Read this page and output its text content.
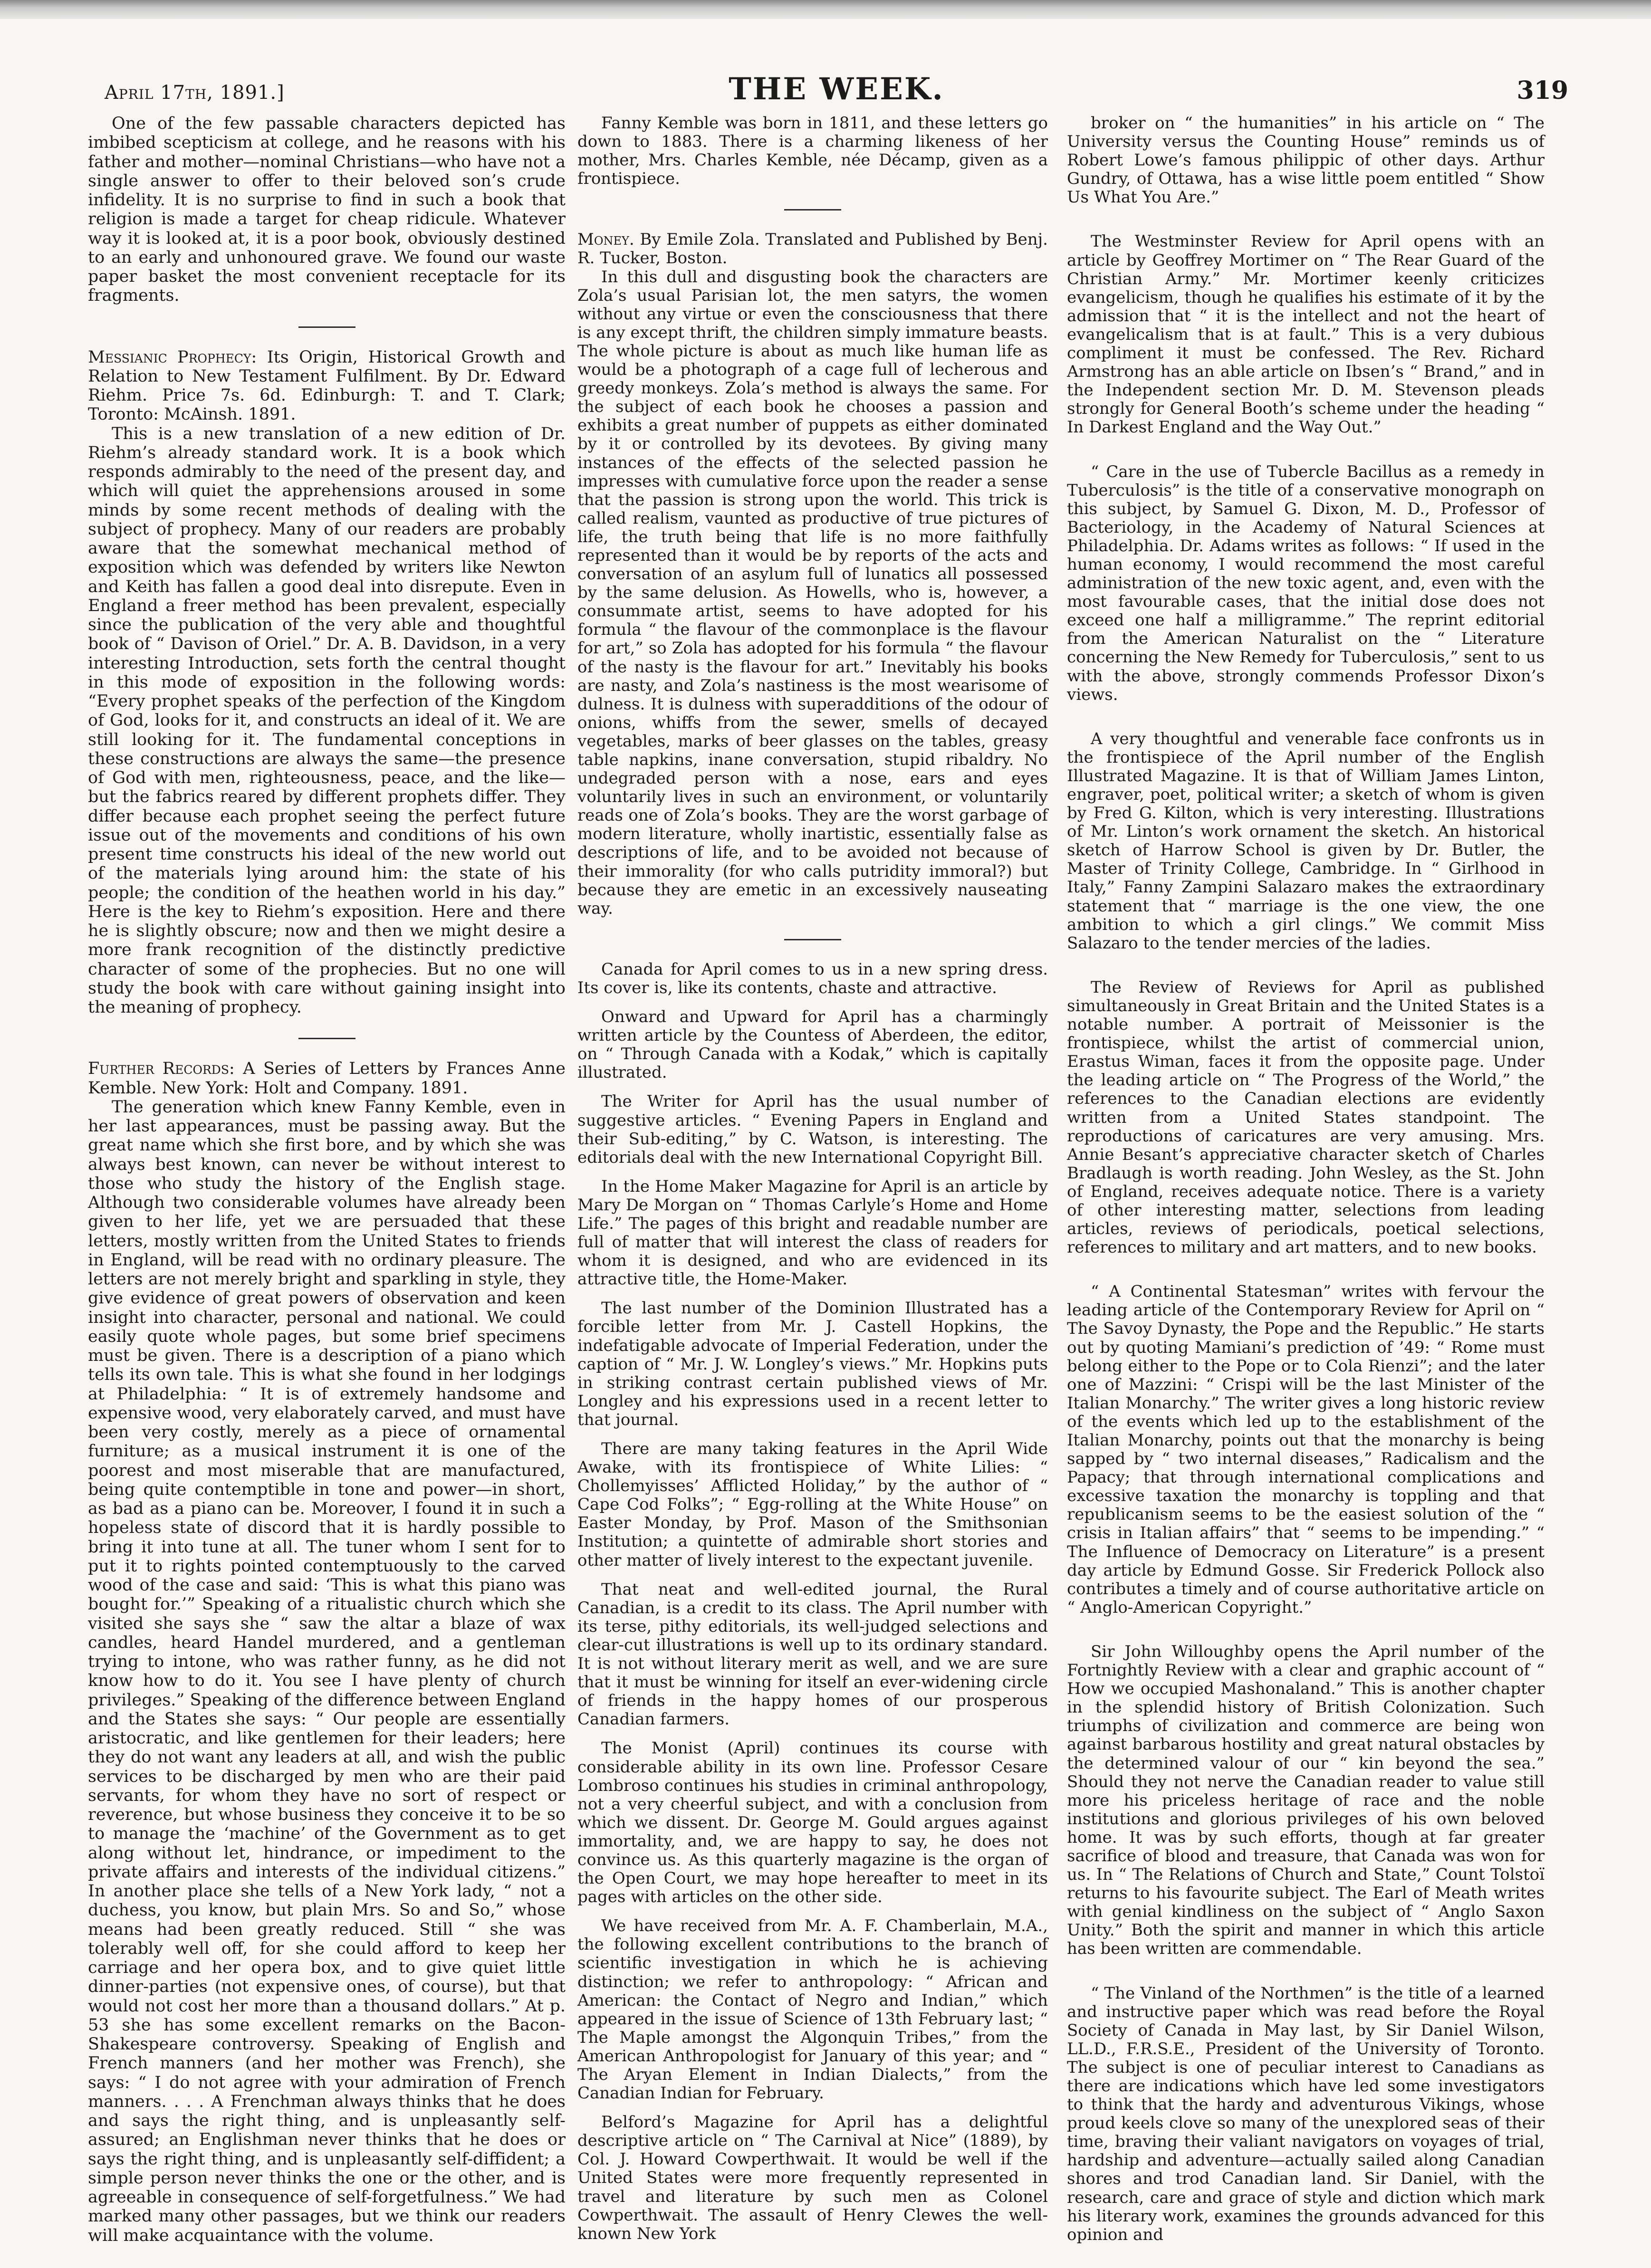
April 17th, 1891.]	THE WEEK.	319

One of the few passable characters depicted has imbibed scepticism at college, and he reasons with his father and mother—nominal Christians—who have not a single answer to offer to their beloved son’s crude infidelity. It is no surprise to find in such a book that religion is made a target for cheap ridicule. Whatever way it is looked at, it is a poor book, obviously destined to an early and unhonoured grave. We found our waste paper basket the most convenient receptacle for its fragments.

Messianic Prophecy: Its Origin, Historical Growth and Relation to New Testament Fulfilment. By Dr. Edward Riehm. Price 7s. 6d. Edinburgh: T. and T. Clark; Toronto: McAinsh. 1891.

This is a new translation of a new edition of Dr. Riehm’s already standard work. It is a book which responds admirably to the need of the present day, and which will quiet the apprehensions aroused in some minds by some recent methods of dealing with the subject of prophecy. Many of our readers are probably aware that the somewhat mechanical method of exposition which was defended by writers like Newton and Keith has fallen a good deal into disrepute. Even in England a freer method has been prevalent, especially since the publication of the very able and thoughtful book of “ Davison of Oriel.” Dr. A. B. Davidson, in a very interesting Introduction, sets forth the central thought in this mode of exposition in the following words: “Every prophet speaks of the perfection of the Kingdom of God, looks for it, and constructs an ideal of it. We are still looking for it. The fundamental conceptions in these constructions are always the same—the presence of God with men, righteousness, peace, and the like—but the fabrics reared by different prophets differ. They differ because each prophet seeing the perfect future issue out of the movements and conditions of his own present time constructs his ideal of the new world out of the materials lying around him: the state of his people; the condition of the heathen world in his day.” Here is the key to Riehm’s exposition. Here and there he is slightly obscure; now and then we might desire a more frank recognition of the distinctly predictive character of some of the prophecies. But no one will study the book with care without gaining insight into the meaning of prophecy.

Further Records: A Series of Letters by Frances Anne Kemble. New York: Holt and Company. 1891.

The generation which knew Fanny Kemble, even in her last appearances, must be passing away. But the great name which she first bore, and by which she was always best known, can never be without interest to those who study the history of the English stage. Although two considerable volumes have already been given to her life, yet we are persuaded that these letters, mostly written from the United States to friends in England, will be read with no ordinary pleasure. The letters are not merely bright and sparkling in style, they give evidence of great powers of observation and keen insight into character, personal and national. We could easily quote whole pages, but some brief specimens must be given. There is a description of a piano which tells its own tale. This is what she found in her lodgings at Philadelphia: “ It is of extremely handsome and expensive wood, very elaborately carved, and must have been very costly, merely as a piece of ornamental furniture; as a musical instrument it is one of the poorest and most miserable that are manufactured, being quite contemptible in tone and power—in short, as bad as a piano can be. Moreover, I found it in such a hopeless state of discord that it is hardly possible to bring it into tune at all. The tuner whom I sent for to put it to rights pointed contemptuously to the carved wood of the case and said: ‘This is what this piano was bought for.’” Speaking of a ritualistic church which she visited she says she “ saw the altar a blaze of wax candles, heard Handel murdered, and a gentleman trying to intone, who was rather funny, as he did not know how to do it. You see I have plenty of church privileges.” Speaking of the difference between England and the States she says: “ Our people are essentially aristocratic, and like gentlemen for their leaders; here they do not want any leaders at all, and wish the public services to be discharged by men who are their paid servants, for whom they have no sort of respect or reverence, but whose business they conceive it to be so to manage the ‘machine’ of the Government as to get along without let, hindrance, or impediment to the private affairs and interests of the individual citizens.” In another place she tells of a New York lady, “ not a duchess, you know, but plain Mrs. So and So,” whose means had been greatly reduced. Still “ she was tolerably well off, for she could afford to keep her carriage and her opera box, and to give quiet little dinner-parties (not expensive ones, of course), but that would not cost her more than a thousand dollars.” At p. 53 she has some excellent remarks on the Bacon-Shakespeare controversy. Speaking of English and French manners (and her mother was French), she says: “ I do not agree with your admiration of French manners. . . . A Frenchman always thinks that he does and says the right thing, and is unpleasantly self-assured; an Englishman never thinks that he does or says the right thing, and is unpleasantly self-diffident; a simple person never thinks the one or the other, and is agreeable in consequence of self-forgetfulness.” We had marked many other passages, but we think our readers will make acquaintance with the volume.

Fanny Kemble was born in 1811, and these letters go down to 1883. There is a charming likeness of her mother, Mrs. Charles Kemble, née Décamp, given as a frontispiece.

Money. By Emile Zola. Translated and Published by Benj. R. Tucker, Boston.

In this dull and disgusting book the characters are Zola’s usual Parisian lot, the men satyrs, the women without any virtue or even the consciousness that there is any except thrift, the children simply immature beasts. The whole picture is about as much like human life as would be a photograph of a cage full of lecherous and greedy monkeys. Zola’s method is always the same. For the subject of each book he chooses a passion and exhibits a great number of puppets as either dominated by it or controlled by its devotees. By giving many instances of the effects of the selected passion he impresses with cumulative force upon the reader a sense that the passion is strong upon the world. This trick is called realism, vaunted as productive of true pictures of life, the truth being that life is no more faithfully represented than it would be by reports of the acts and conversation of an asylum full of lunatics all possessed by the same delusion. As Howells, who is, however, a consummate artist, seems to have adopted for his formula “ the flavour of the commonplace is the flavour for art,” so Zola has adopted for his formula “ the flavour of the nasty is the flavour for art.” Inevitably his books are nasty, and Zola’s nastiness is the most wearisome of dulness. It is dulness with superadditions of the odour of onions, whiffs from the sewer, smells of decayed vegetables, marks of beer glasses on the tables, greasy table napkins, inane conversation, stupid ribaldry. No undegraded person with a nose, ears and eyes voluntarily lives in such an environment, or voluntarily reads one of Zola’s books. They are the worst garbage of modern literature, wholly inartistic, essentially false as descriptions of life, and to be avoided not because of their immorality (for who calls putridity immoral?) but because they are emetic in an excessively nauseating way.

Canada for April comes to us in a new spring dress. Its cover is, like its contents, chaste and attractive.

Onward and Upward for April has a charmingly written article by the Countess of Aberdeen, the editor, on “ Through Canada with a Kodak,” which is capitally illustrated.

The Writer for April has the usual number of suggestive articles. “ Evening Papers in England and their Sub-editing,” by C. Watson, is interesting. The editorials deal with the new International Copyright Bill.

In the Home Maker Magazine for April is an article by Mary De Morgan on “ Thomas Carlyle’s Home and Home Life.” The pages of this bright and readable number are full of matter that will interest the class of readers for whom it is designed, and who are evidenced in its attractive title, the Home-Maker.

The last number of the Dominion Illustrated has a forcible letter from Mr. J. Castell Hopkins, the indefatigable advocate of Imperial Federation, under the caption of “ Mr. J. W. Longley’s views.” Mr. Hopkins puts in striking contrast certain published views of Mr. Longley and his expressions used in a recent letter to that journal.

There are many taking features in the April Wide Awake, with its frontispiece of White Lilies: “ Chollemyisses’ Afflicted Holiday,” by the author of “ Cape Cod Folks”; “ Egg-rolling at the White House” on Easter Monday, by Prof. Mason of the Smithsonian Institution; a quintette of admirable short stories and other matter of lively interest to the expectant juvenile.

That neat and well-edited journal, the Rural Canadian, is a credit to its class. The April number with its terse, pithy editorials, its well-judged selections and clear-cut illustrations is well up to its ordinary standard. It is not without literary merit as well, and we are sure that it must be winning for itself an ever-widening circle of friends in the happy homes of our prosperous Canadian farmers.

The Monist (April) continues its course with considerable ability in its own line. Professor Cesare Lombroso continues his studies in criminal anthropology, not a very cheerful subject, and with a conclusion from which we dissent. Dr. George M. Gould argues against immortality, and, we are happy to say, he does not convince us. As this quarterly magazine is the organ of the Open Court, we may hope hereafter to meet in its pages with articles on the other side.

We have received from Mr. A. F. Chamberlain, M.A., the following excellent contributions to the branch of scientific investigation in which he is achieving distinction; we refer to anthropology: “ African and American: the Contact of Negro and Indian,” which appeared in the issue of Science of 13th February last; “ The Maple amongst the Algonquin Tribes,” from the American Anthropologist for January of this year; and “ The Aryan Element in Indian Dialects,” from the Canadian Indian for February.

Belford’s Magazine for April has a delightful descriptive article on “ The Carnival at Nice” (1889), by Col. J. Howard Cowperthwait. It would be well if the United States were more frequently represented in travel and literature by such men as Colonel Cowperthwait. The assault of Henry Clewes the well-known New York

broker on “ the humanities” in his article on “ The University versus the Counting House” reminds us of Robert Lowe’s famous philippic of other days. Arthur Gundry, of Ottawa, has a wise little poem entitled “ Show Us What You Are.”

The Westminster Review for April opens with an article by Geoffrey Mortimer on “ The Rear Guard of the Christian Army.” Mr. Mortimer keenly criticizes evangelicism, though he qualifies his estimate of it by the admission that “ it is the intellect and not the heart of evangelicalism that is at fault.” This is a very dubious compliment it must be confessed. The Rev. Richard Armstrong has an able article on Ibsen’s “ Brand,” and in the Independent section Mr. D. M. Stevenson pleads strongly for General Booth’s scheme under the heading “ In Darkest England and the Way Out.”

“ Care in the use of Tubercle Bacillus as a remedy in Tuberculosis” is the title of a conservative monograph on this subject, by Samuel G. Dixon, M. D., Professor of Bacteriology, in the Academy of Natural Sciences at Philadelphia. Dr. Adams writes as follows: “ If used in the human economy, I would recommend the most careful administration of the new toxic agent, and, even with the most favourable cases, that the initial dose does not exceed one half a milligramme.” The reprint editorial from the American Naturalist on the “ Literature concerning the New Remedy for Tuberculosis,” sent to us with the above, strongly commends Professor Dixon’s views.

A very thoughtful and venerable face confronts us in the frontispiece of the April number of the English Illustrated Magazine. It is that of William James Linton, engraver, poet, political writer; a sketch of whom is given by Fred G. Kilton, which is very interesting. Illustrations of Mr. Linton’s work ornament the sketch. An historical sketch of Harrow School is given by Dr. Butler, the Master of Trinity College, Cambridge. In “ Girlhood in Italy,” Fanny Zampini Salazaro makes the extraordinary statement that “ marriage is the one view, the one ambition to which a girl clings.” We commit Miss Salazaro to the tender mercies of the ladies.

The Review of Reviews for April as published simultaneously in Great Britain and the United States is a notable number. A portrait of Meissonier is the frontispiece, whilst the artist of commercial union, Erastus Wiman, faces it from the opposite page. Under the leading article on “ The Progress of the World,” the references to the Canadian elections are evidently written from a United States standpoint. The reproductions of caricatures are very amusing. Mrs. Annie Besant’s appreciative character sketch of Charles Bradlaugh is worth reading. John Wesley, as the St. John of England, receives adequate notice. There is a variety of other interesting matter, selections from leading articles, reviews of periodicals, poetical selections, references to military and art matters, and to new books.

“ A Continental Statesman” writes with fervour the leading article of the Contemporary Review for April on “ The Savoy Dynasty, the Pope and the Republic.” He starts out by quoting Mamiani’s prediction of ’49: “ Rome must belong either to the Pope or to Cola Rienzi”; and the later one of Mazzini: “ Crispi will be the last Minister of the Italian Monarchy.” The writer gives a long historic review of the events which led up to the establishment of the Italian Monarchy, points out that the monarchy is being sapped by “ two internal diseases,” Radicalism and the Papacy; that through international complications and excessive taxation the monarchy is toppling and that republicanism seems to be the easiest solution of the “ crisis in Italian affairs” that “ seems to be impending.” “ The Influence of Democracy on Literature” is a present day article by Edmund Gosse. Sir Frederick Pollock also contributes a timely and of course authoritative article on “ Anglo-American Copyright.”

Sir John Willoughby opens the April number of the Fortnightly Review with a clear and graphic account of “ How we occupied Mashonaland.” This is another chapter in the splendid history of British Colonization. Such triumphs of civilization and commerce are being won against barbarous hostility and great natural obstacles by the determined valour of our “ kin beyond the sea.” Should they not nerve the Canadian reader to value still more his priceless heritage of race and the noble institutions and glorious privileges of his own beloved home. It was by such efforts, though at far greater sacrifice of blood and treasure, that Canada was won for us. In “ The Relations of Church and State,” Count Tolstoï returns to his favourite subject. The Earl of Meath writes with genial kindliness on the subject of “ Anglo Saxon Unity.” Both the spirit and manner in which this article has been written are commendable.

“ The Vinland of the Northmen” is the title of a learned and instructive paper which was read before the Royal Society of Canada in May last, by Sir Daniel Wilson, LL.D., F.R.S.E., President of the University of Toronto. The subject is one of peculiar interest to Canadians as there are indications which have led some investigators to think that the hardy and adventurous Vikings, whose proud keels clove so many of the unexplored seas of their time, braving their valiant navigators on voyages of trial, hardship and adventure—actually sailed along Canadian shores and trod Canadian land. Sir Daniel, with the research, care and grace of style and diction which mark his literary work, examines the grounds advanced for this opinion and
